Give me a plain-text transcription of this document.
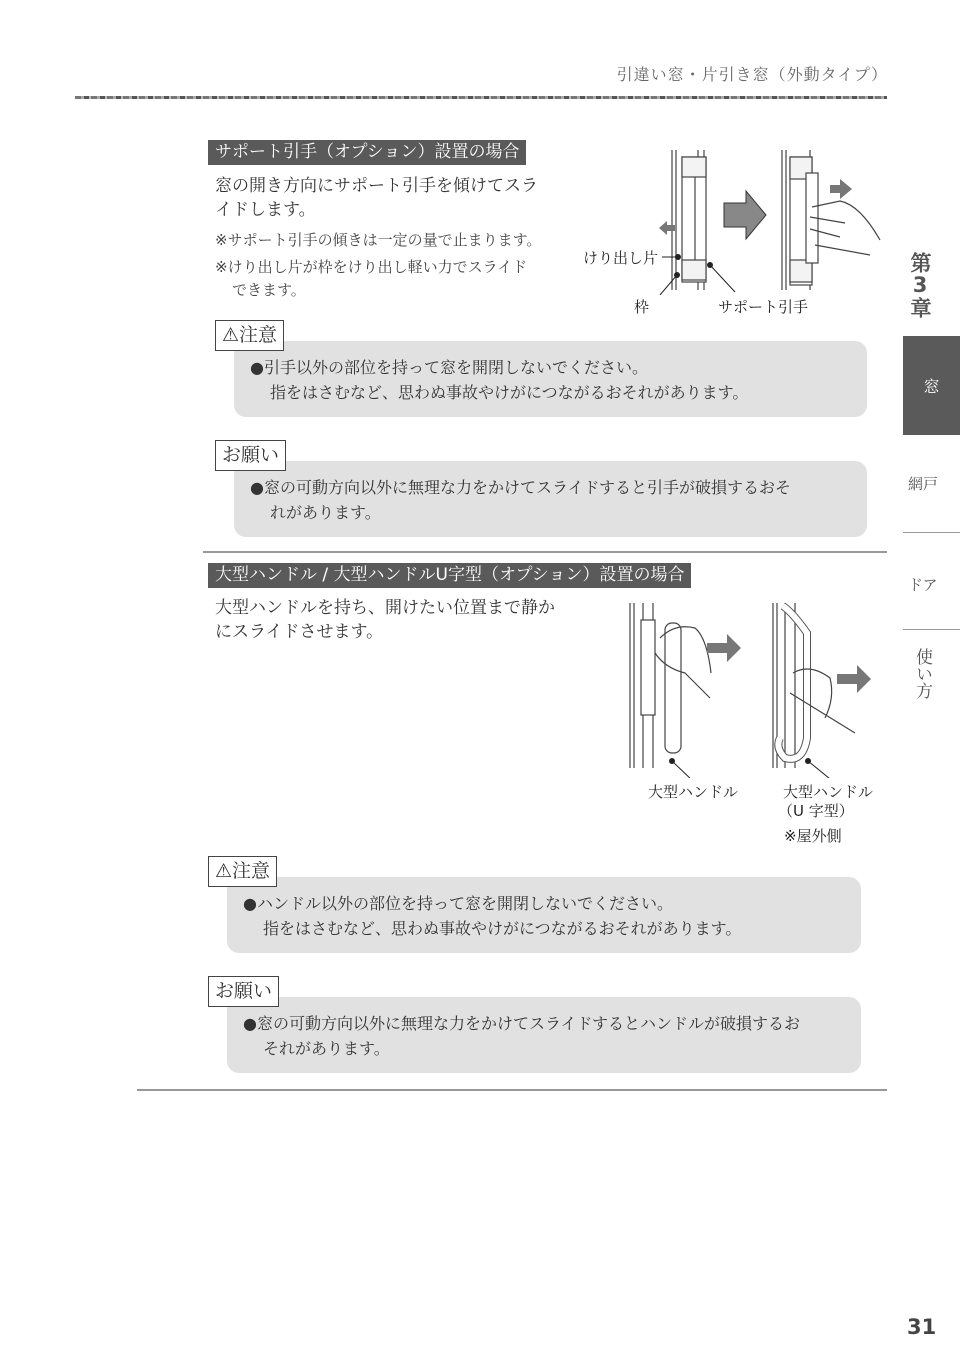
引違い窓・片引き窓（外動タイプ）
サポート引手（オプション）設置の場合
窓の開き方向にサポート引手を傾けてスラ
イドします。
※サポート引手の傾きは一定の量で止まります。
※けり出し片が枠をけり出し軽い力でスライド
できます。
けり出し片
枠	サポート引手
⚠注意
●引手以外の部位を持って窓を開閉しないでください。
指をはさむなど、思わぬ事故やけがにつながるおそれがあります。
お願い
●窓の可動方向以外に無理な力をかけてスライドすると引手が破損するおそ
れがあります。
大型ハンドル / 大型ハンドルU字型（オプション）設置の場合
大型ハンドルを持ち、開けたい位置まで静か
にスライドさせます。
大型ハンドル	大型ハンドル
（U 字型）
※屋外側
⚠注意
●ハンドル以外の部位を持って窓を開閉しないでください。
指をはさむなど、思わぬ事故やけがにつながるおそれがあります。
お願い
●窓の可動方向以外に無理な力をかけてスライドするとハンドルが破損するお
それがあります。
第3章
窓
網戸
ドア
使い方
31
